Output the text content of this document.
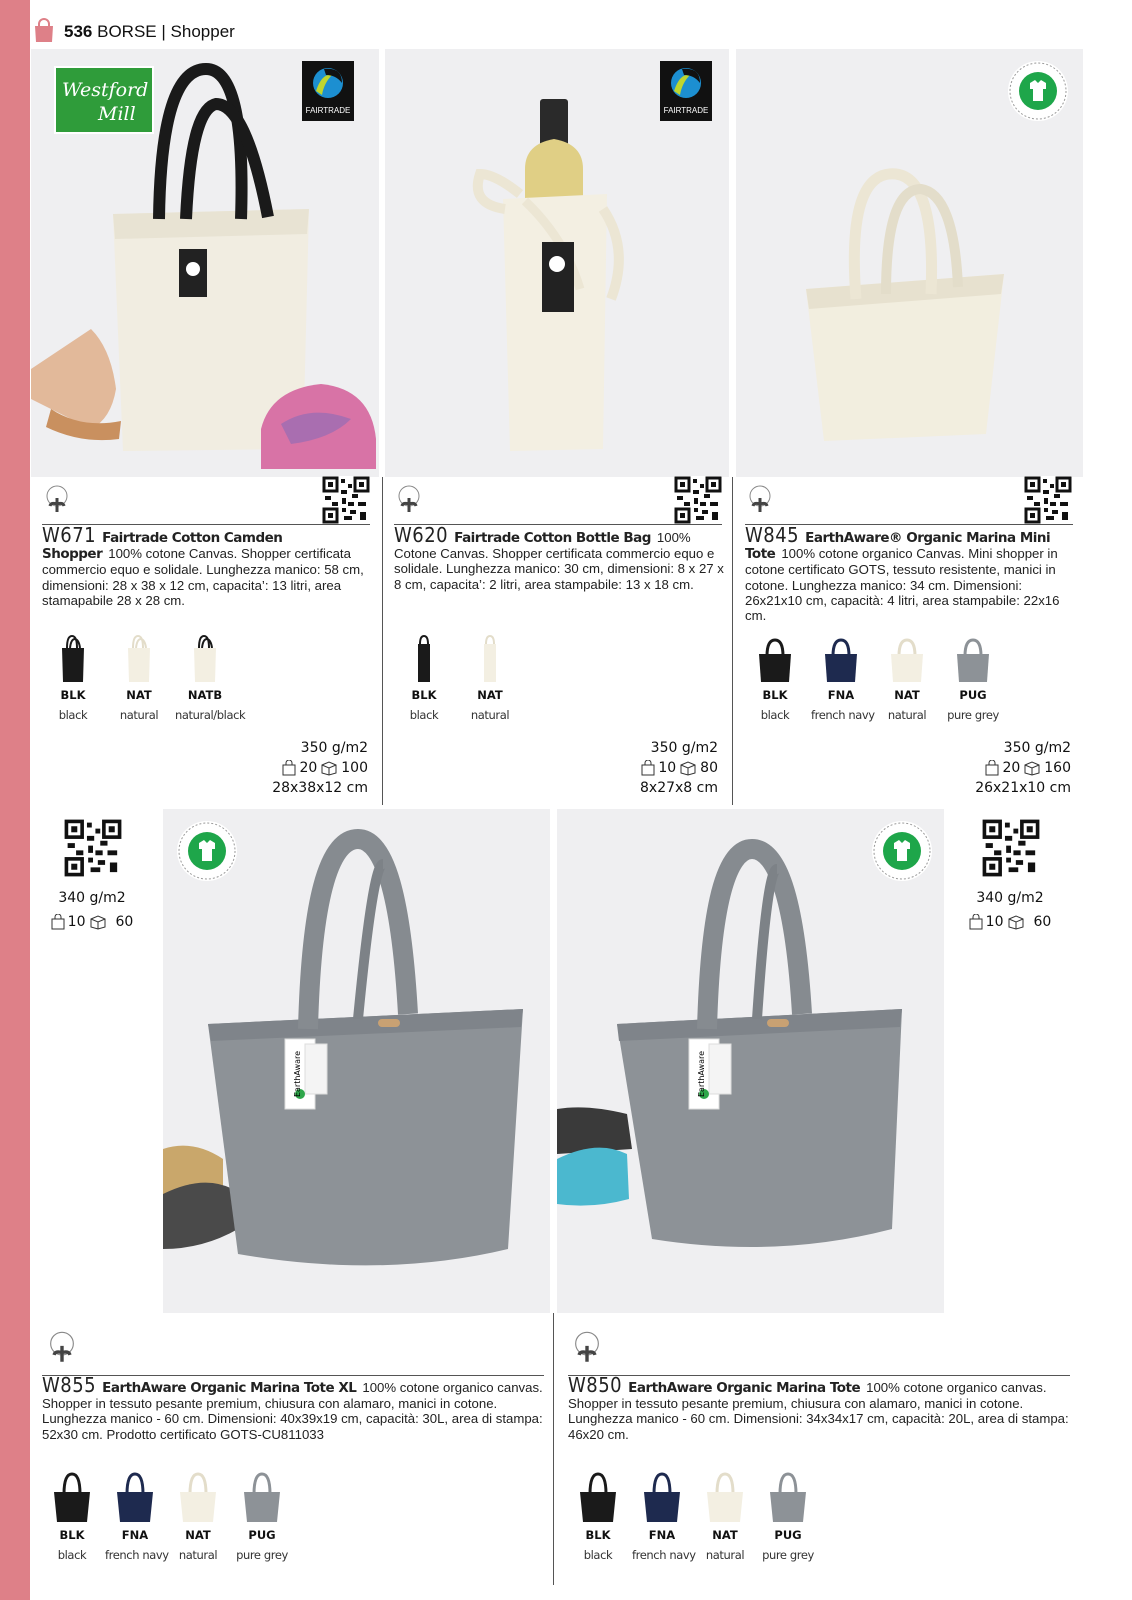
536 BORSE | Shopper
Westford
Mill	FAIRTRADE	FAIRTRADE
W671 Fairtrade Cotton Camden Shopper 100% cotone Canvas. Shopper certificata commercio equo e solidale. Lunghezza manico: 58 cm, dimensioni: 28 x 38 x 12 cm, capacita’: 13 litri, area stamapabile 28 x 28 cm.
W620 Fairtrade Cotton Bottle Bag 100% Cotone Canvas. Shopper certificata commercio equo e solidale. Lunghezza manico: 30 cm, dimensioni: 8 x 27 x 8 cm, capacita’: 2 litri, area stampabile: 13 x 18 cm.
W845 EarthAware® Organic Marina Mini Tote 100% cotone organico Canvas. Mini shopper in cotone certificato GOTS, tessuto resistente, manici in cotone. Lunghezza manico: 34 cm. Dimensioni: 26x21x10 cm, capacità: 4 litri, area stampabile: 22x16 cm.
BLK
black
NAT
natural
NATB
natural/black
BLK
black
NAT
natural
BLK
black
FNA
french navy
NAT
natural
PUG
pure grey
350 g/m2
20 100
28x38x12 cm
350 g/m2
10 80
8x27x8 cm
350 g/m2
20 160
26x21x10 cm
340 g/m2
10 60
340 g/m2
10 60
EarthAware	EarthAware
W855 EarthAware Organic Marina Tote XL 100% cotone organico canvas. Shopper in tessuto pesante premium, chiusura con alamaro, manici in cotone. Lunghezza manico - 60 cm. Dimensioni: 40x39x19 cm, capacità: 30L, area di stampa: 52x30 cm. Prodotto certificato GOTS-CU811033
W850 EarthAware Organic Marina Tote 100% cotone organico canvas. Shopper in tessuto pesante premium, chiusura con alamaro, manici in cotone. Lunghezza manico - 60 cm. Dimensioni: 34x34x17 cm, capacità: 20L, area di stampa: 46x20 cm.
BLK
black
FNA
french navy
NAT
natural
PUG
pure grey
BLK
black
FNA
french navy
NAT
natural
PUG
pure grey
